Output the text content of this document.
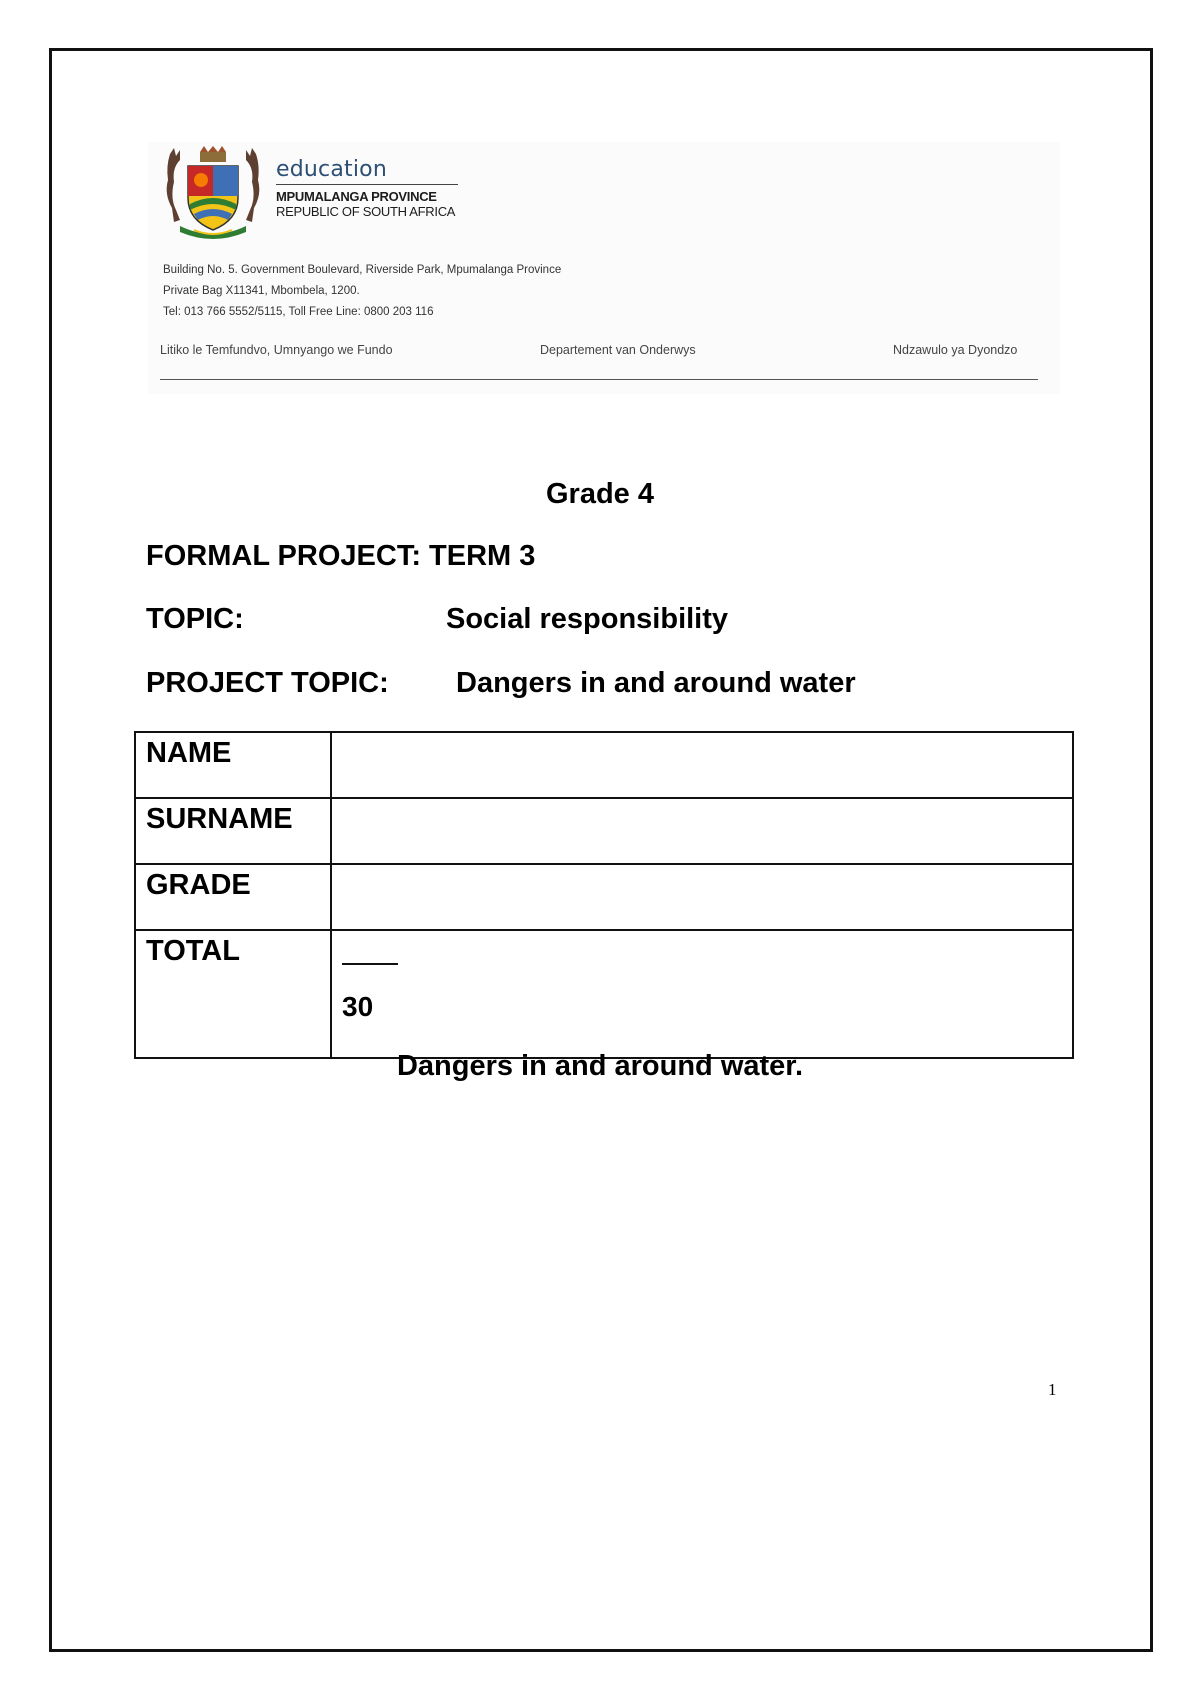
education
MPUMALANGA PROVINCE
REPUBLIC OF SOUTH AFRICA
Building No. 5. Government Boulevard, Riverside Park, Mpumalanga Province
Private Bag X11341, Mbombela, 1200.
Tel: 013 766 5552/5115, Toll Free Line: 0800 203 116
Litiko le Temfundvo, Umnyango we Fundo	Departement van Onderwys	Ndzawulo ya Dyondzo
Grade 4
FORMAL PROJECT: TERM 3
TOPIC:	Social responsibility
PROJECT TOPIC: Dangers in and around water
NAME	
SURNAME	
GRADE	
TOTAL	30
Dangers in and around water.
1
